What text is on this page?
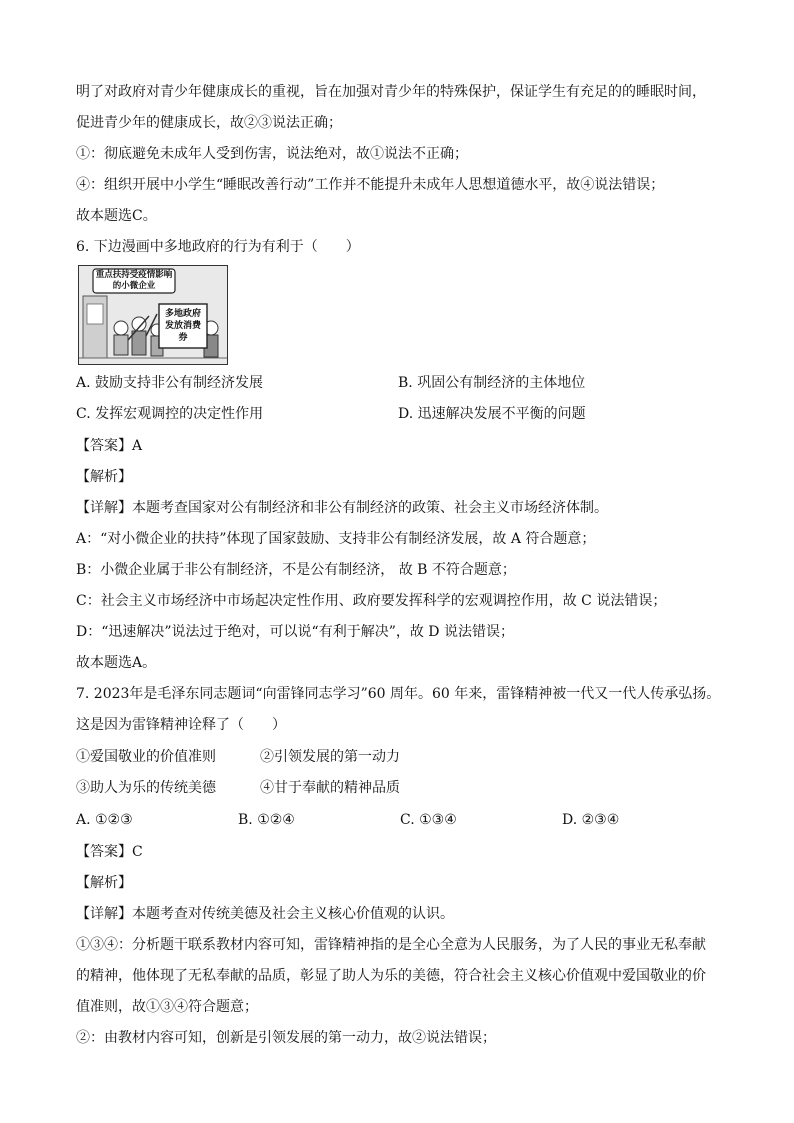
明了对政府对青少年健康成长的重视，旨在加强对青少年的特殊保护，保证学生有充足的的睡眠时间，
促进青少年的健康成长，故②③说法正确；
①：彻底避免未成年人受到伤害，说法绝对，故①说法不正确；
④：组织开展中小学生“睡眠改善行动”工作并不能提升未成年人思想道德水平，故④说法错误；
故本题选C。
6. 下边漫画中多地政府的行为有利于（　　）
重点扶持受疫情影响的小微企业
多地政府发放消费券
A. 鼓励支持非公有制经济发展	B. 巩固公有制经济的主体地位
C. 发挥宏观调控的决定性作用	D. 迅速解决发展不平衡的问题
【答案】A
【解析】
【详解】本题考查国家对公有制经济和非公有制经济的政策、社会主义市场经济体制。
A：“对小微企业的扶持”体现了国家鼓励、支持非公有制经济发展，故 A 符合题意；
B：小微企业属于非公有制经济，不是公有制经济， 故 B 不符合题意；
C：社会主义市场经济中市场起决定性作用、政府要发挥科学的宏观调控作用，故 C 说法错误；
D：“迅速解决”说法过于绝对，可以说“有利于解决”，故 D 说法错误；
故本题选A。
7. 2023年是毛泽东同志题词“向雷锋同志学习”60 周年。60 年来，雷锋精神被一代又一代人传承弘扬。
这是因为雷锋精神诠释了（　　）
①爱国敬业的价值准则	②引领发展的第一动力
③助人为乐的传统美德	④甘于奉献的精神品质
A. ①②③	B. ①②④	C. ①③④	D. ②③④
【答案】C
【解析】
【详解】本题考查对传统美德及社会主义核心价值观的认识。
①③④：分析题干联系教材内容可知，雷锋精神指的是全心全意为人民服务，为了人民的事业无私奉献
的精神，他体现了无私奉献的品质，彰显了助人为乐的美德，符合社会主义核心价值观中爱国敬业的价
值准则，故①③④符合题意；
②：由教材内容可知，创新是引领发展的第一动力，故②说法错误；
